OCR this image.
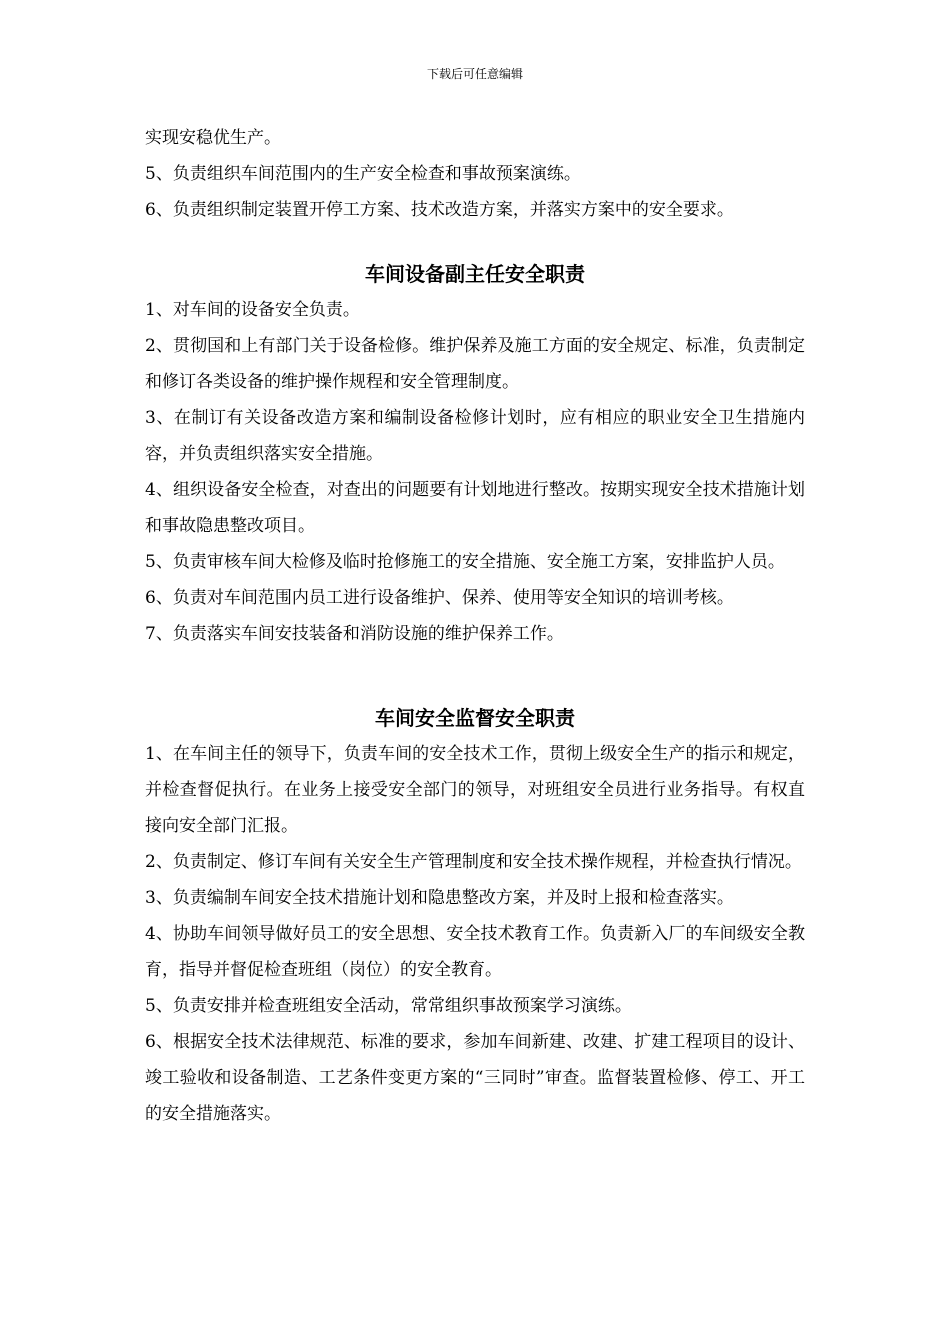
下载后可任意编辑

实现安稳优生产。

5、负责组织车间范围内的生产安全检查和事故预案演练。

6、负责组织制定装置开停工方案、技术改造方案，并落实方案中的安全要求。

车间设备副主任安全职责

1、对车间的设备安全负责。

2、贯彻国和上有部门关于设备检修。维护保养及施工方面的安全规定、标准，负责制定和修订各类设备的维护操作规程和安全管理制度。

3、在制订有关设备改造方案和编制设备检修计划时，应有相应的职业安全卫生措施内容，并负责组织落实安全措施。

4、组织设备安全检查，对查出的问题要有计划地进行整改。按期实现安全技术措施计划和事故隐患整改项目。

5、负责审核车间大检修及临时抢修施工的安全措施、安全施工方案，安排监护人员。

6、负责对车间范围内员工进行设备维护、保养、使用等安全知识的培训考核。

7、负责落实车间安技装备和消防设施的维护保养工作。

车间安全监督安全职责

1、在车间主任的领导下，负责车间的安全技术工作，贯彻上级安全生产的指示和规定，并检查督促执行。在业务上接受安全部门的领导，对班组安全员进行业务指导。有权直接向安全部门汇报。

2、负责制定、修订车间有关安全生产管理制度和安全技术操作规程，并检查执行情况。

3、负责编制车间安全技术措施计划和隐患整改方案，并及时上报和检查落实。

4、协助车间领导做好员工的安全思想、安全技术教育工作。负责新入厂的车间级安全教育，指导并督促检查班组（岗位）的安全教育。

5、负责安排并检查班组安全活动，常常组织事故预案学习演练。

6、根据安全技术法律规范、标准的要求，参加车间新建、改建、扩建工程项目的设计、竣工验收和设备制造、工艺条件变更方案的“三同时”审查。监督装置检修、停工、开工的安全措施落实。
